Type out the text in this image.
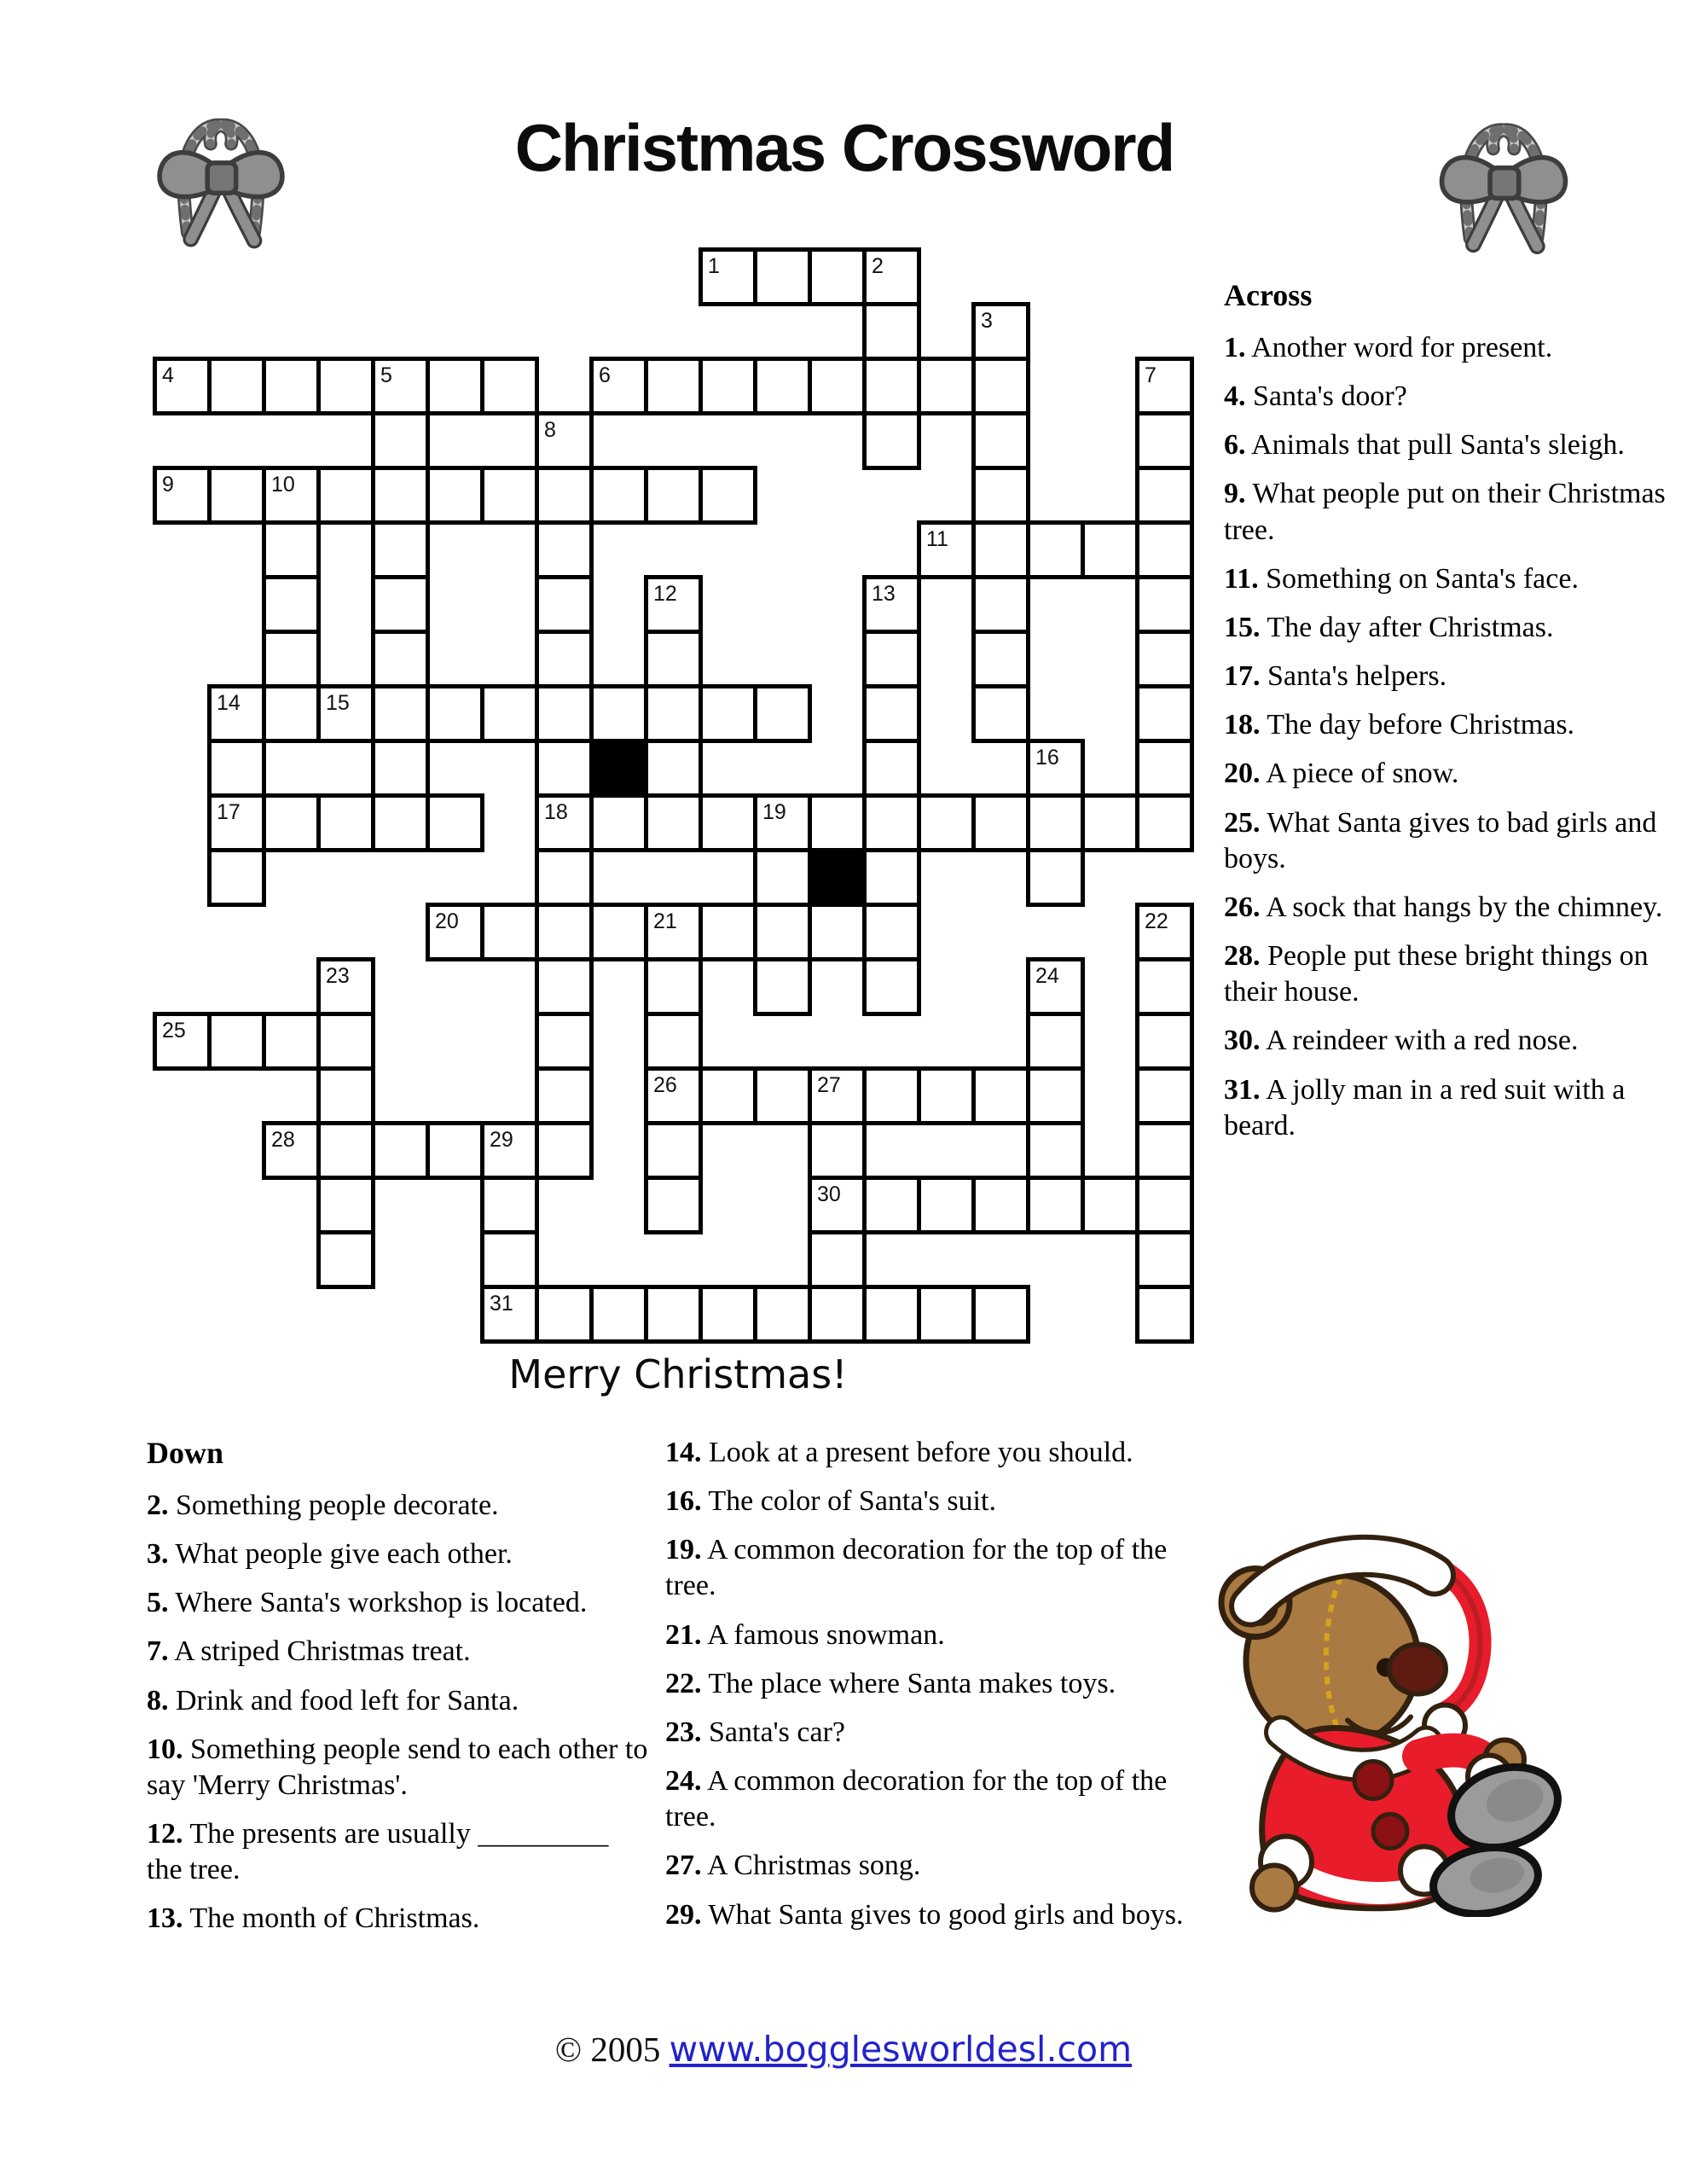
Christmas Crossword
1
4	6
9
11
15
17	18
20
25
26
28
30
31
2
3
5	7
8
10
12	13
14
16
19
21	22
23	24
27
29
Merry Christmas!
Across

1. Another word for present.

4. Santa's door?

6. Animals that pull Santa's sleigh.

9. What people put on their Christmas tree.

11. Something on Santa's face.

15. The day after Christmas.

17. Santa's helpers.

18. The day before Christmas.

20. A piece of snow.

25. What Santa gives to bad girls and boys.

26. A sock that hangs by the chimney.

28. People put these bright things on their house.

30. A reindeer with a red nose.

31. A jolly man in a red suit with a beard.

Down

2. Something people decorate.

3. What people give each other.

5. Where Santa's workshop is located.

7. A striped Christmas treat.

8. Drink and food left for Santa.

10. Something people send to each other to say 'Merry Christmas'.

12. The presents are usually _________ the tree.

13. The month of Christmas.

14. Look at a present before you should.

16. The color of Santa's suit.

19. A common decoration for the top of the tree.

21. A famous snowman.

22. The place where Santa makes toys.

23. Santa's car?

24. A common decoration for the top of the tree.

27. A Christmas song.

29. What Santa gives to good girls and boys.

© 2005 www.bogglesworldesl.com
